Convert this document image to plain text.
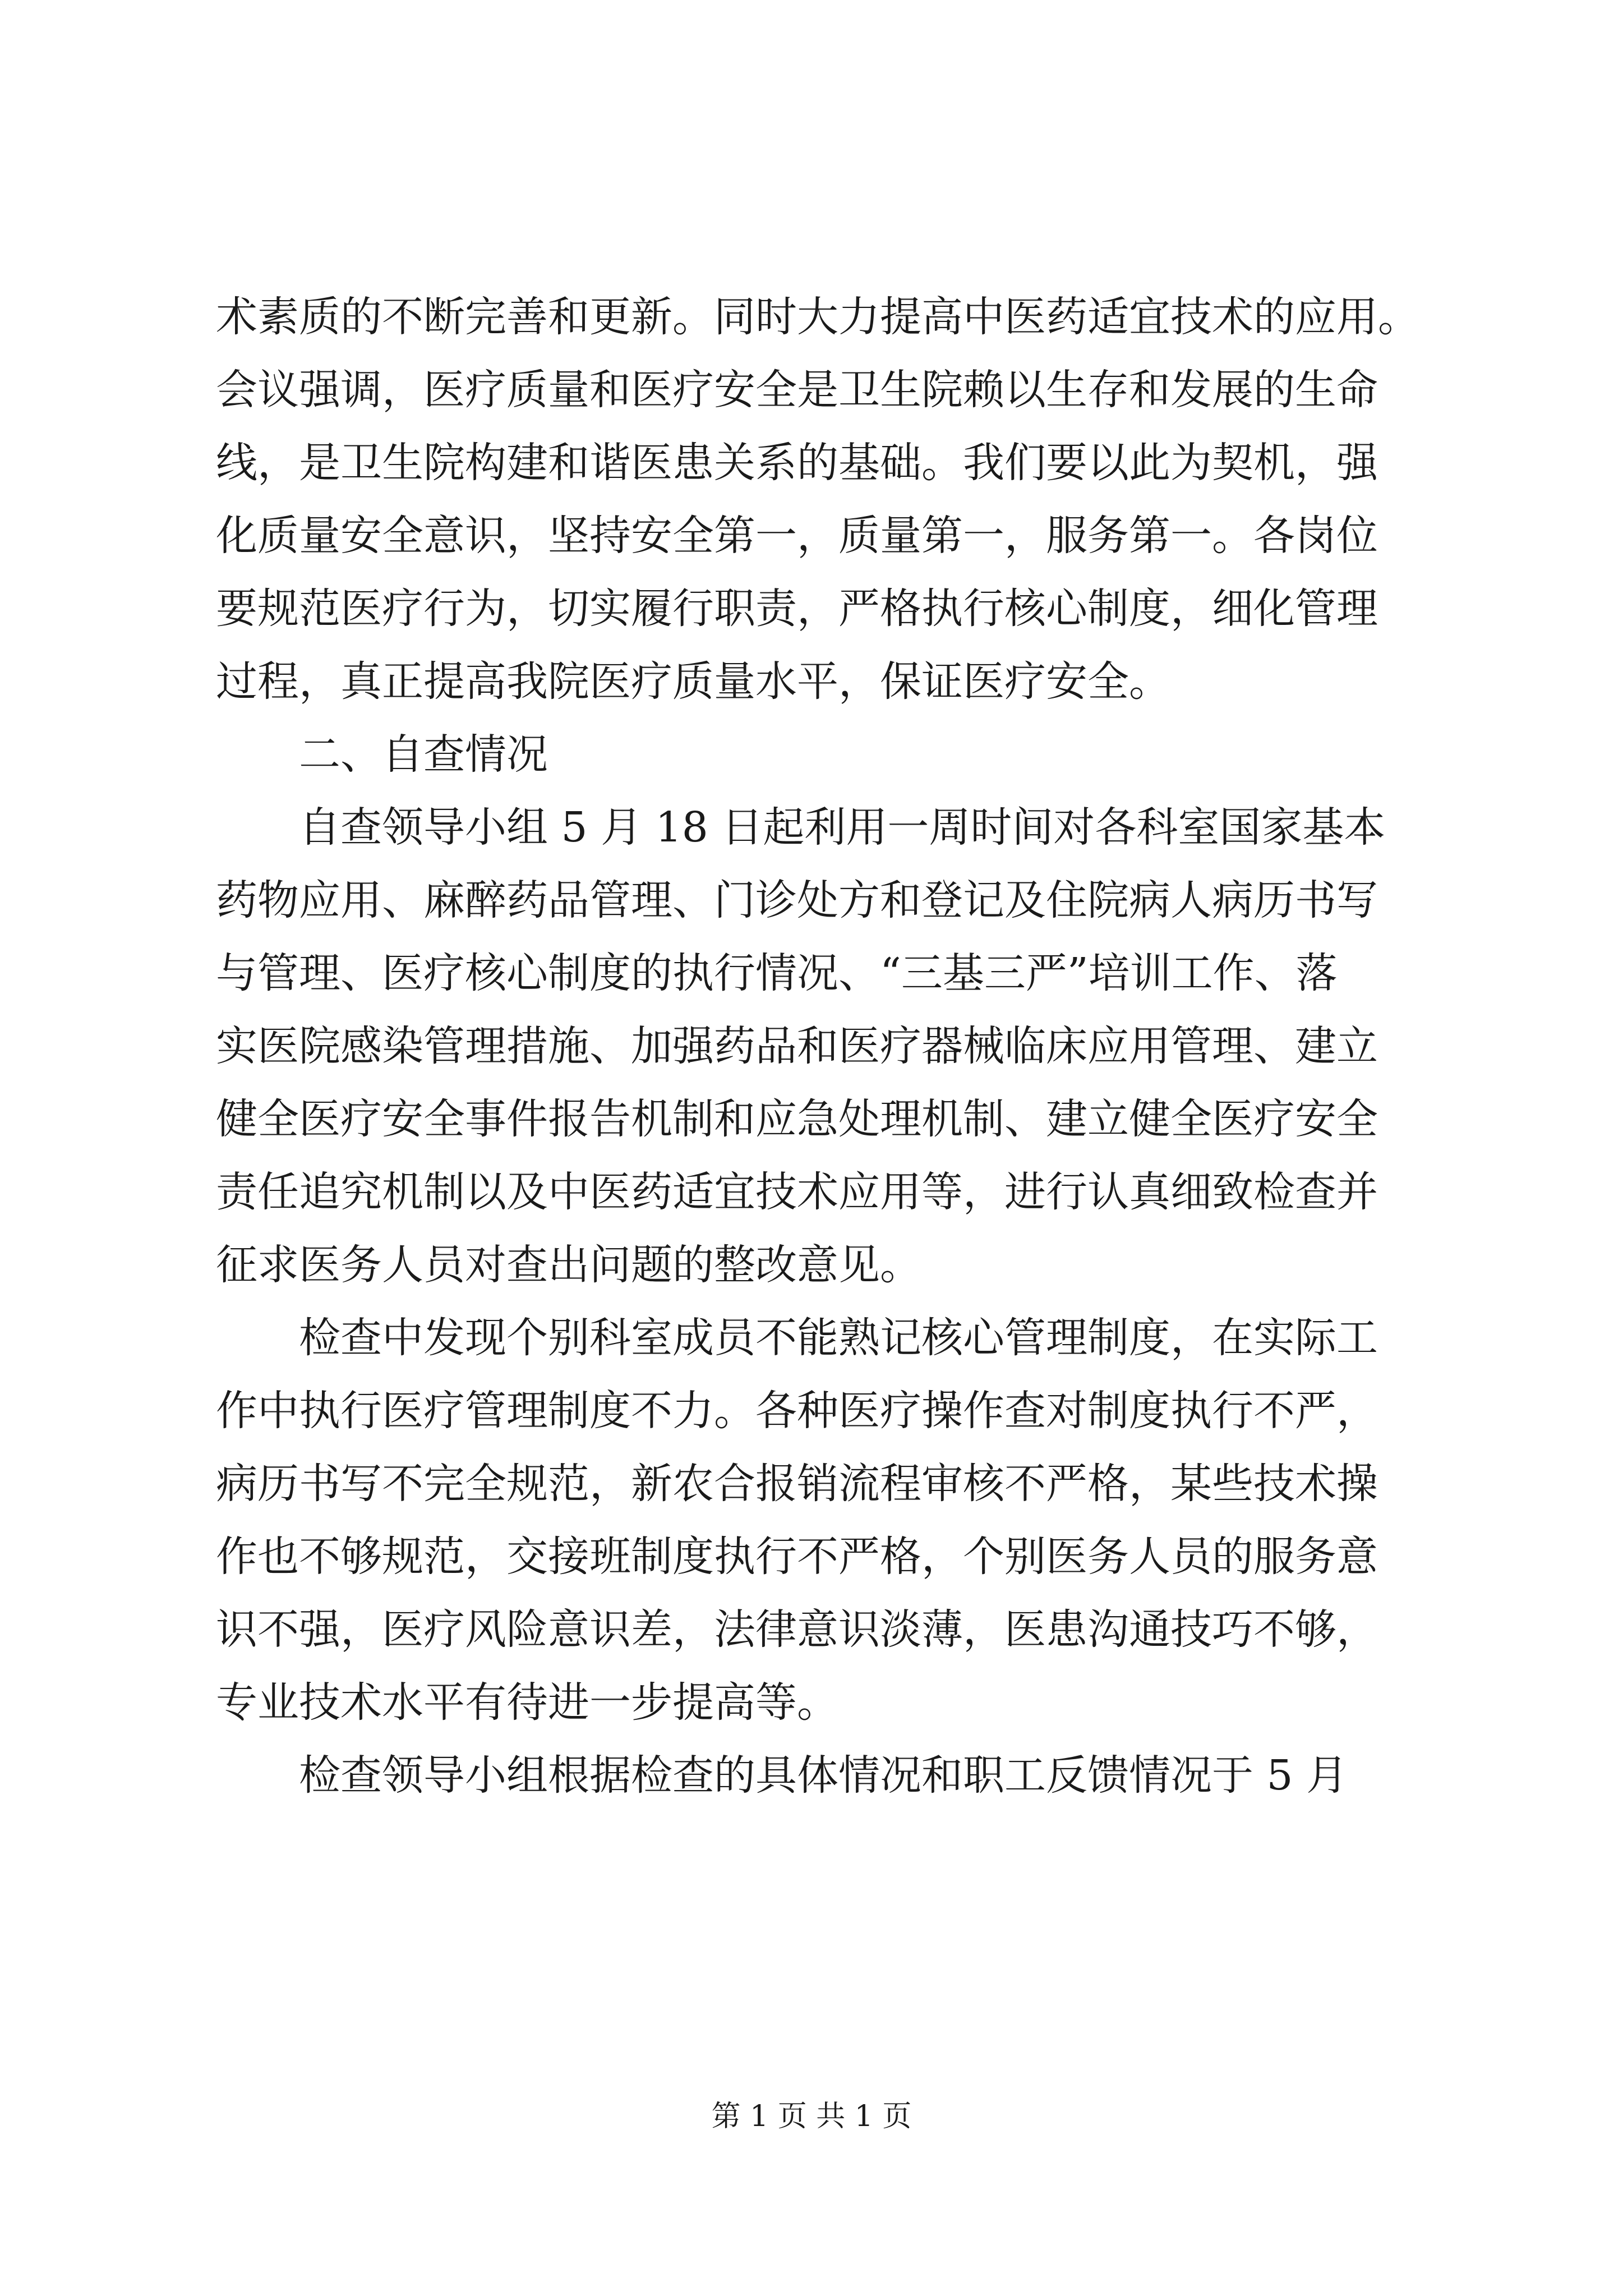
术素质的不断完善和更新。同时大力提高中医药适宜技术的应用。
会议强调，医疗质量和医疗安全是卫生院赖以生存和发展的生命
线，是卫生院构建和谐医患关系的基础。我们要以此为契机，强
化质量安全意识，坚持安全第一，质量第一，服务第一。各岗位
要规范医疗行为，切实履行职责，严格执行核心制度，细化管理
过程，真正提高我院医疗质量水平，保证医疗安全。
二、自查情况
自查领导小组 5 月 18 日起利用一周时间对各科室国家基本
药物应用、麻醉药品管理、门诊处方和登记及住院病人病历书写
与管理、医疗核心制度的执行情况、“三基三严”培训工作、落
实医院感染管理措施、加强药品和医疗器械临床应用管理、建立
健全医疗安全事件报告机制和应急处理机制、建立健全医疗安全
责任追究机制以及中医药适宜技术应用等，进行认真细致检查并
征求医务人员对查出问题的整改意见。
检查中发现个别科室成员不能熟记核心管理制度，在实际工
作中执行医疗管理制度不力。各种医疗操作查对制度执行不严，
病历书写不完全规范，新农合报销流程审核不严格，某些技术操
作也不够规范，交接班制度执行不严格，个别医务人员的服务意
识不强，医疗风险意识差，法律意识淡薄，医患沟通技巧不够，
专业技术水平有待进一步提高等。
检查领导小组根据检查的具体情况和职工反馈情况于 5 月
第 1 页 共 1 页
